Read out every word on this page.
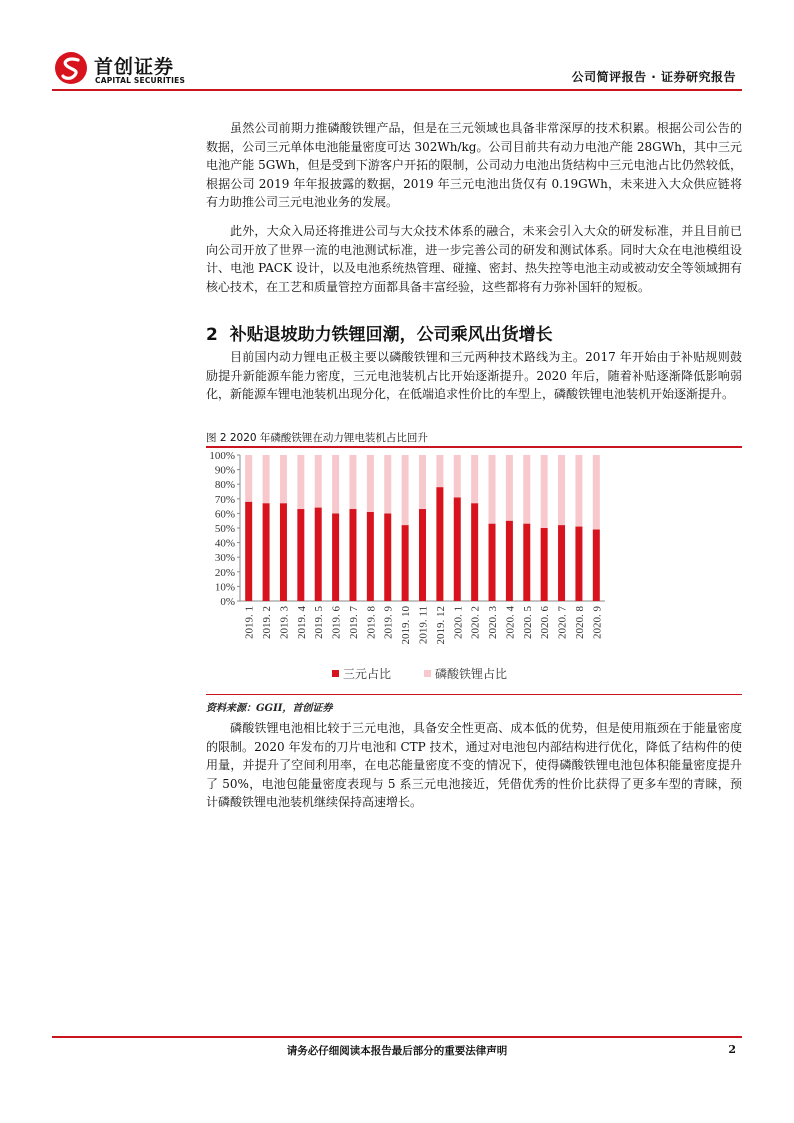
首创证券
CAPITAL SECURITIES	公司简评报告 · 证券研究报告

虽然公司前期力推磷酸铁锂产品，但是在三元领域也具备非常深厚的技术积累。根据公司公告的数据，公司三元单体电池能量密度可达 302Wh/kg。公司目前共有动力电池产能 28GWh，其中三元电池产能 5GWh，但是受到下游客户开拓的限制，公司动力电池出货结构中三元电池占比仍然较低，根据公司 2019 年年报披露的数据，2019 年三元电池出货仅有 0.19GWh，未来进入大众供应链将有力助推公司三元电池业务的发展。

此外，大众入局还将推进公司与大众技术体系的融合，未来会引入大众的研发标准，并且目前已向公司开放了世界一流的电池测试标准，进一步完善公司的研发和测试体系。同时大众在电池模组设计、电池 PACK 设计，以及电池系统热管理、碰撞、密封、热失控等电池主动或被动安全等领域拥有核心技术，在工艺和质量管控方面都具备丰富经验，这些都将有力弥补国轩的短板。

2 补贴退坡助力铁锂回潮，公司乘风出货增长

目前国内动力锂电正极主要以磷酸铁锂和三元两种技术路线为主。2017 年开始由于补贴规则鼓励提升新能源车能力密度，三元电池装机占比开始逐渐提升。2020 年后，随着补贴逐渐降低影响弱化，新能源车锂电池装机出现分化，在低端追求性价比的车型上，磷酸铁锂电池装机开始逐渐提升。

图 2 2020 年磷酸铁锂在动力锂电装机占比回升
0%
10%
20%
30%
40%
50%
60%
70%
80%
90%
100%
2019. 1 2019. 2 2019. 3 2019. 4 2019. 5 2019. 6 2019. 7 2019. 8 2019. 9 2019. 10 2019. 11 2019. 12 2020. 1 2020. 2 2020. 3 2020. 4 2020. 5 2020. 6 2020. 7 2020. 8 2020. 9
三元占比	磷酸铁锂占比
资料来源：GGII，首创证券

磷酸铁锂电池相比较于三元电池，具备安全性更高、成本低的优势，但是使用瓶颈在于能量密度的限制。2020 年发布的刀片电池和 CTP 技术，通过对电池包内部结构进行优化，降低了结构件的使用量，并提升了空间利用率，在电芯能量密度不变的情况下，使得磷酸铁锂电池包体积能量密度提升了 50%，电池包能量密度表现与 5 系三元电池接近，凭借优秀的性价比获得了更多车型的青睐，预计磷酸铁锂电池装机继续保持高速增长。

请务必仔细阅读本报告最后部分的重要法律声明	2
